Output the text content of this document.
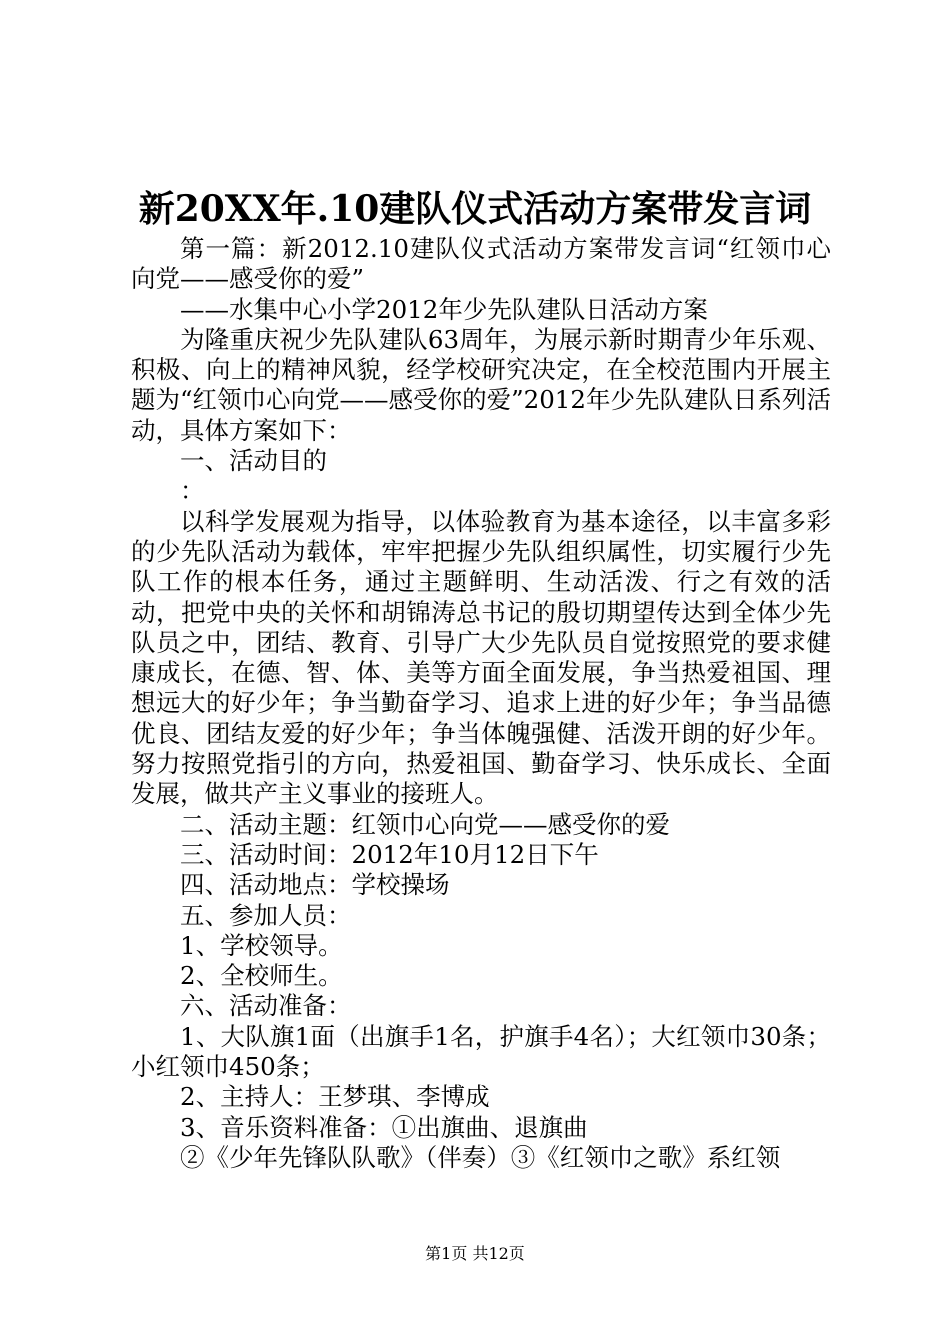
新20XX年.10建队仪式活动方案带发言词

第一篇：新2012.10建队仪式活动方案带发言词“红领巾心向党——感受你的爱”

——水集中心小学2012年少先队建队日活动方案

为隆重庆祝少先队建队63周年，为展示新时期青少年乐观、积极、向上的精神风貌，经学校研究决定，在全校范围内开展主题为“红领巾心向党——感受你的爱”2012年少先队建队日系列活动，具体方案如下：

一、活动目的

：

以科学发展观为指导，以体验教育为基本途径，以丰富多彩的少先队活动为载体，牢牢把握少先队组织属性，切实履行少先队工作的根本任务，通过主题鲜明、生动活泼、行之有效的活动，把党中央的关怀和胡锦涛总书记的殷切期望传达到全体少先队员之中，团结、教育、引导广大少先队员自觉按照党的要求健康成长，在德、智、体、美等方面全面发展，争当热爱祖国、理想远大的好少年；争当勤奋学习、追求上进的好少年；争当品德优良、团结友爱的好少年；争当体魄强健、活泼开朗的好少年。努力按照党指引的方向，热爱祖国、勤奋学习、快乐成长、全面发展，做共产主义事业的接班人。

二、活动主题：红领巾心向党——感受你的爱

三、活动时间：2012年10月12日下午

四、活动地点：学校操场

五、参加人员：

1、学校领导。

2、全校师生。

六、活动准备：

1、大队旗1面（出旗手1名，护旗手4名）；大红领巾30条；小红领巾450条；

2、主持人：王梦琪、李博成

3、音乐资料准备：①出旗曲、退旗曲

②《少年先锋队队歌》（伴奏）③《红领巾之歌》系红领

第1页 共12页
